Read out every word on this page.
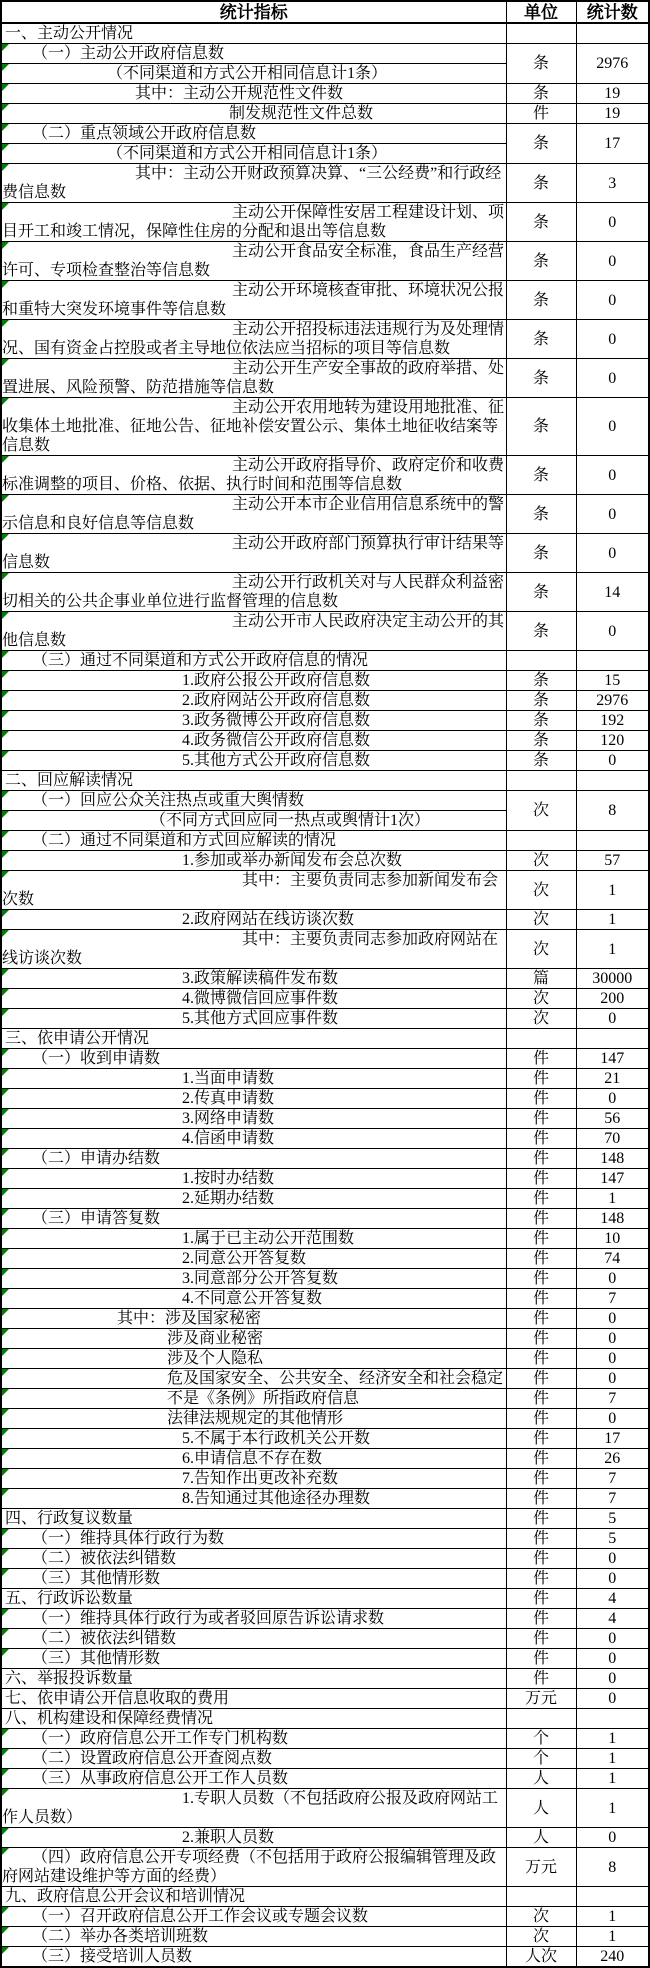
统计指标	单位	统计数
一、主动公开情况		

（一）主动公开政府信息数	条	2976

（不同渠道和方式公开相同信息计1条）		

其中：主动公开规范性文件数	条	19

制发规范性文件总数	件	19

（二）重点领域公开政府信息数	条	17

（不同渠道和方式公开相同信息计1条）		

其中：主动公开财政预算决算、“三公经费”和行政经费信息数	条	3

主动公开保障性安居工程建设计划、项目开工和竣工情况，保障性住房的分配和退出等信息数	条	0

主动公开食品安全标准，食品生产经营许可、专项检查整治等信息数	条	0

主动公开环境核查审批、环境状况公报和重特大突发环境事件等信息数	条	0

主动公开招投标违法违规行为及处理情况、国有资金占控股或者主导地位依法应当招标的项目等信息数	条	0

主动公开生产安全事故的政府举措、处置进展、风险预警、防范措施等信息数	条	0

主动公开农用地转为建设用地批准、征收集体土地批准、征地公告、征地补偿安置公示、集体土地征收结案等信息数	条	0

主动公开政府指导价、政府定价和收费标准调整的项目、价格、依据、执行时间和范围等信息数	条	0

主动公开本市企业信用信息系统中的警示信息和良好信息等信息数	条	0

主动公开政府部门预算执行审计结果等信息数	条	0

主动公开行政机关对与人民群众利益密切相关的公共企事业单位进行监督管理的信息数	条	14

主动公开市人民政府决定主动公开的其他信息数	条	0

（三）通过不同渠道和方式公开政府信息的情况		

1.政府公报公开政府信息数	条	15

2.政府网站公开政府信息数	条	2976

3.政务微博公开政府信息数	条	192

4.政务微信公开政府信息数	条	120

5.其他方式公开政府信息数	条	0
二、回应解读情况		

（一）回应公众关注热点或重大舆情数	次	8

（不同方式回应同一热点或舆情计1次）		

（二）通过不同渠道和方式回应解读的情况		

1.参加或举办新闻发布会总次数	次	57

其中：主要负责同志参加新闻发布会次数	次	1

2.政府网站在线访谈次数	次	1

其中：主要负责同志参加政府网站在线访谈次数	次	1

3.政策解读稿件发布数	篇	30000

4.微博微信回应事件数	次	200

5.其他方式回应事件数	次	0
三、依申请公开情况		

（一）收到申请数	件	147

1.当面申请数	件	21

2.传真申请数	件	0

3.网络申请数	件	56

4.信函申请数	件	70

（二）申请办结数	件	148

1.按时办结数	件	147

2.延期办结数	件	1

（三）申请答复数	件	148

1.属于已主动公开范围数	件	10

2.同意公开答复数	件	74

3.同意部分公开答复数	件	0

4.不同意公开答复数	件	7

其中：涉及国家秘密	件	0

涉及商业秘密	件	0

涉及个人隐私	件	0

危及国家安全、公共安全、经济安全和社会稳定	件	0

不是《条例》所指政府信息	件	7

法律法规规定的其他情形	件	0

5.不属于本行政机关公开数	件	17

6.申请信息不存在数	件	26

7.告知作出更改补充数	件	7

8.告知通过其他途径办理数	件	7
四、行政复议数量	件	5

（一）维持具体行政行为数	件	5

（二）被依法纠错数	件	0

（三）其他情形数	件	0
五、行政诉讼数量	件	4

（一）维持具体行政行为或者驳回原告诉讼请求数	件	4

（二）被依法纠错数	件	0

（三）其他情形数	件	0
六、举报投诉数量	件	0
七、依申请公开信息收取的费用	万元	0
八、机构建设和保障经费情况		

（一）政府信息公开工作专门机构数	个	1

（二）设置政府信息公开查阅点数	个	1

（三）从事政府信息公开工作人员数	人	1

1.专职人员数（不包括政府公报及政府网站工作人员数）	人	1

2.兼职人员数	人	0

（四）政府信息公开专项经费（不包括用于政府公报编辑管理及政府网站建设维护等方面的经费）	万元	8
九、政府信息公开会议和培训情况		

（一）召开政府信息公开工作会议或专题会议数	次	1

（二）举办各类培训班数	次	1

（三）接受培训人员数	人次	240
